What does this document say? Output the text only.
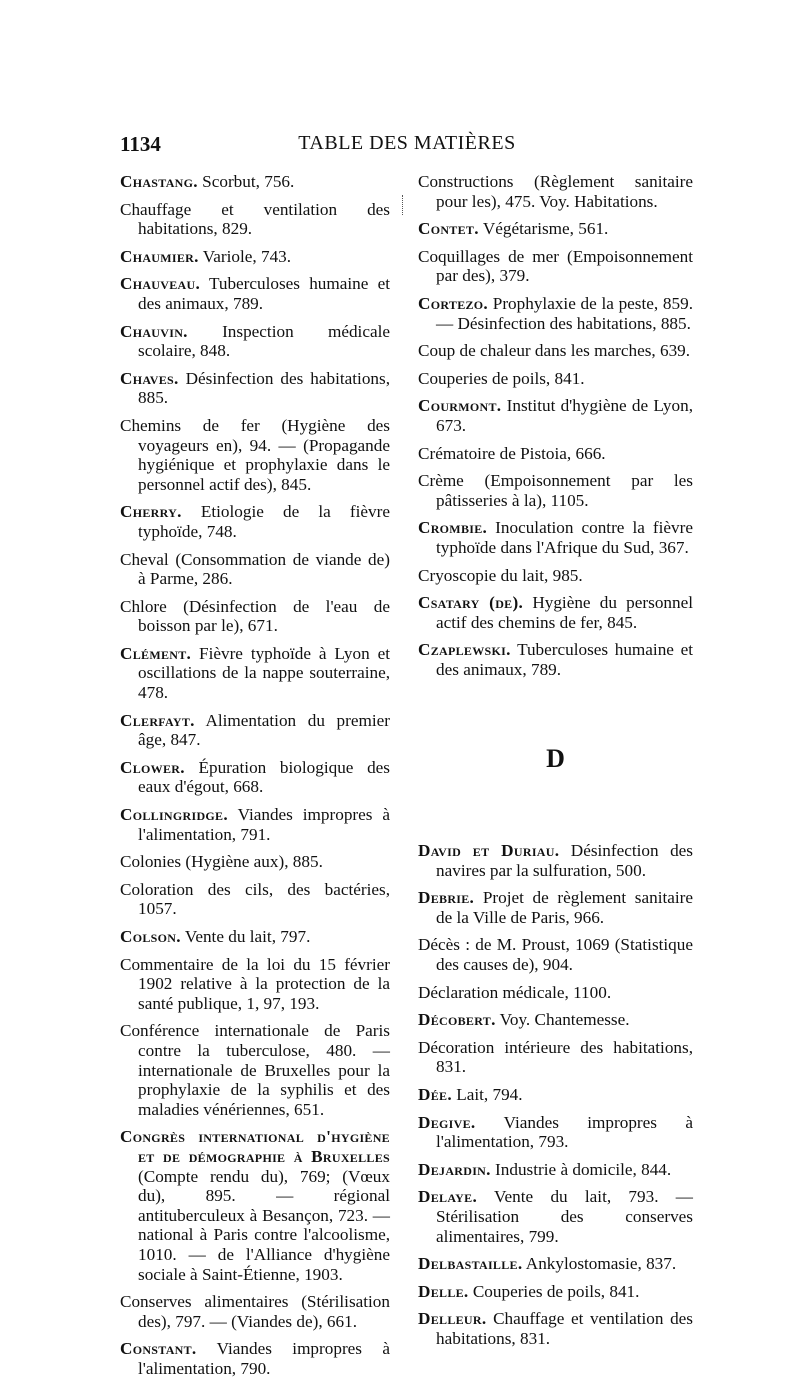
1134	TABLE DES MATIÈRES

Chastang. Scorbut, 756.

Chauffage et ventilation des habitations, 829.

Chaumier. Variole, 743.

Chauveau. Tuberculoses humaine et des animaux, 789.

Chauvin. Inspection médicale scolaire, 848.

Chaves. Désinfection des habitations, 885.

Chemins de fer (Hygiène des voyageurs en), 94. — (Propagande hygiénique et prophylaxie dans le personnel actif des), 845.

Cherry. Etiologie de la fièvre typhoïde, 748.

Cheval (Consommation de viande de) à Parme, 286.

Chlore (Désinfection de l'eau de boisson par le), 671.

Clément. Fièvre typhoïde à Lyon et oscillations de la nappe souterraine, 478.

Clerfayt. Alimentation du premier âge, 847.

Clower. Épuration biologique des eaux d'égout, 668.

Collingridge. Viandes impropres à l'alimentation, 791.

Colonies (Hygiène aux), 885.

Coloration des cils, des bactéries, 1057.

Colson. Vente du lait, 797.

Commentaire de la loi du 15 février 1902 relative à la protection de la santé publique, 1, 97, 193.

Conférence internationale de Paris contre la tuberculose, 480. — internationale de Bruxelles pour la prophylaxie de la syphilis et des maladies vénériennes, 651.

Congrès international d'hygiène et de démographie à Bruxelles (Compte rendu du), 769; (Vœux du), 895. — régional antituberculeux à Besançon, 723. — national à Paris contre l'alcoolisme, 1010. — de l'Alliance d'hygiène sociale à Saint-Étienne, 1903.

Conserves alimentaires (Stérilisation des), 797. — (Viandes de), 661.

Constant. Viandes impropres à l'alimentation, 790.

Constructions (Règlement sanitaire pour les), 475. Voy. Habitations.

Contet. Végétarisme, 561.

Coquillages de mer (Empoisonnement par des), 379.

Cortezo. Prophylaxie de la peste, 859. — Désinfection des habitations, 885.

Coup de chaleur dans les marches, 639.

Couperies de poils, 841.

Courmont. Institut d'hygiène de Lyon, 673.

Crématoire de Pistoia, 666.

Crème (Empoisonnement par les pâtisseries à la), 1105.

Crombie. Inoculation contre la fièvre typhoïde dans l'Afrique du Sud, 367.

Cryoscopie du lait, 985.

Csatary (de). Hygiène du personnel actif des chemins de fer, 845.

Czaplewski. Tuberculoses humaine et des animaux, 789.

D

David et Duriau. Désinfection des navires par la sulfuration, 500.

Debrie. Projet de règlement sanitaire de la Ville de Paris, 966.

Décès : de M. Proust, 1069 (Statistique des causes de), 904.

Déclaration médicale, 1100.

Décobert. Voy. Chantemesse.

Décoration intérieure des habitations, 831.

Dée. Lait, 794.

Degive. Viandes impropres à l'alimentation, 793.

Dejardin. Industrie à domicile, 844.

Delaye. Vente du lait, 793. — Stérilisation des conserves alimentaires, 799.

Delbastaille. Ankylostomasie, 837.

Delle. Couperies de poils, 841.

Delleur. Chauffage et ventilation des habitations, 831.
